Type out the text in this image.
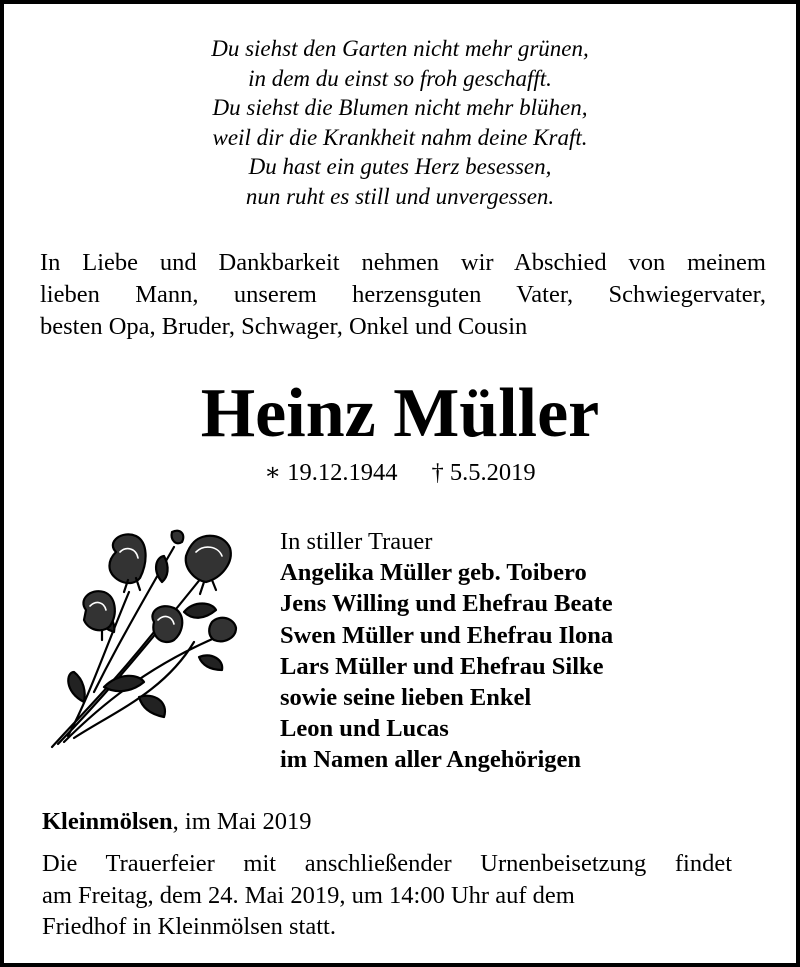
Du siehst den Garten nicht mehr grünen,
in dem du einst so froh geschafft.
Du siehst die Blumen nicht mehr blühen,
weil dir die Krankheit nahm deine Kraft.
Du hast ein gutes Herz besessen,
nun ruht es still und unvergessen.
In Liebe und Dankbarkeit nehmen wir Abschied von meinem
lieben Mann, unserem herzensguten Vater, Schwiegervater,
besten Opa, Bruder, Schwager, Onkel und Cousin
Heinz Müller
∗ 19.12.1944 † 5.5.2019
In stiller Trauer
Angelika Müller geb. Toibero
Jens Willing und Ehefrau Beate
Swen Müller und Ehefrau Ilona
Lars Müller und Ehefrau Silke
sowie seine lieben Enkel
Leon und Lucas
im Namen aller Angehörigen
Kleinmölsen, im Mai 2019
Die Trauerfeier mit anschließender Urnenbeisetzung findet
am Freitag, dem 24. Mai 2019, um 14:00 Uhr auf dem
Friedhof in Kleinmölsen statt.
